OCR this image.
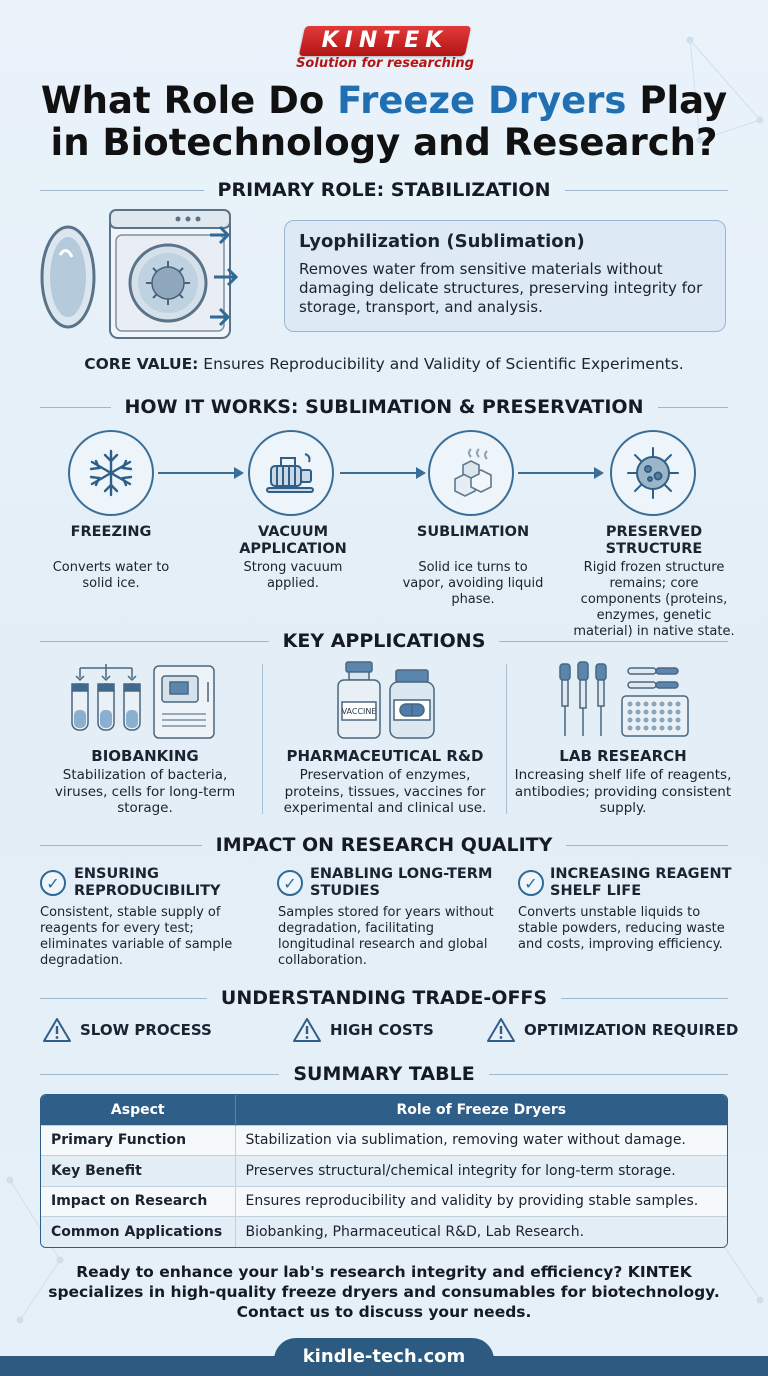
KINTEK
Solution for researching
What Role Do Freeze Dryers Play in Biotechnology and Research?
PRIMARY ROLE: STABILIZATION
Lyophilization (Sublimation)
Removes water from sensitive materials without damaging delicate structures, preserving integrity for storage, transport, and analysis.
CORE VALUE: Ensures Reproducibility and Validity of Scientific Experiments.
HOW IT WORKS: SUBLIMATION & PRESERVATION
FREEZING
Converts water to solid ice.
VACUUM APPLICATION
Strong vacuum applied.
SUBLIMATION
Solid ice turns to vapor, avoiding liquid phase.
PRESERVED STRUCTURE
Rigid frozen structure remains; core components (proteins, enzymes, genetic material) in native state.
KEY APPLICATIONS
VACCINE
BIOBANKING
Stabilization of bacteria, viruses, cells for long-term storage.
PHARMACEUTICAL R&D
Preservation of enzymes, proteins, tissues, vaccines for experimental and clinical use.
LAB RESEARCH
Increasing shelf life of reagents, antibodies; providing consistent supply.
IMPACT ON RESEARCH QUALITY
✓ ENSURING REPRODUCIBILITY
Consistent, stable supply of reagents for every test; eliminates variable of sample degradation.
✓ ENABLING LONG-TERM STUDIES
Samples stored for years without degradation, facilitating longitudinal research and global collaboration.
✓ INCREASING REAGENT SHELF LIFE
Converts unstable liquids to stable powders, reducing waste and costs, improving efficiency.
UNDERSTANDING TRADE-OFFS
SLOW PROCESS	HIGH COSTS	OPTIMIZATION REQUIRED
SUMMARY TABLE
Aspect	Role of Freeze Dryers
Primary Function	Stabilization via sublimation, removing water without damage.
Key Benefit	Preserves structural/chemical integrity for long-term storage.
Impact on Research	Ensures reproducibility and validity by providing stable samples.
Common Applications	Biobanking, Pharmaceutical R&D, Lab Research.
Ready to enhance your lab's research integrity and efficiency? KINTEK specializes in high-quality freeze dryers and consumables for biotechnology. Contact us to discuss your needs.
kindle-tech.com
